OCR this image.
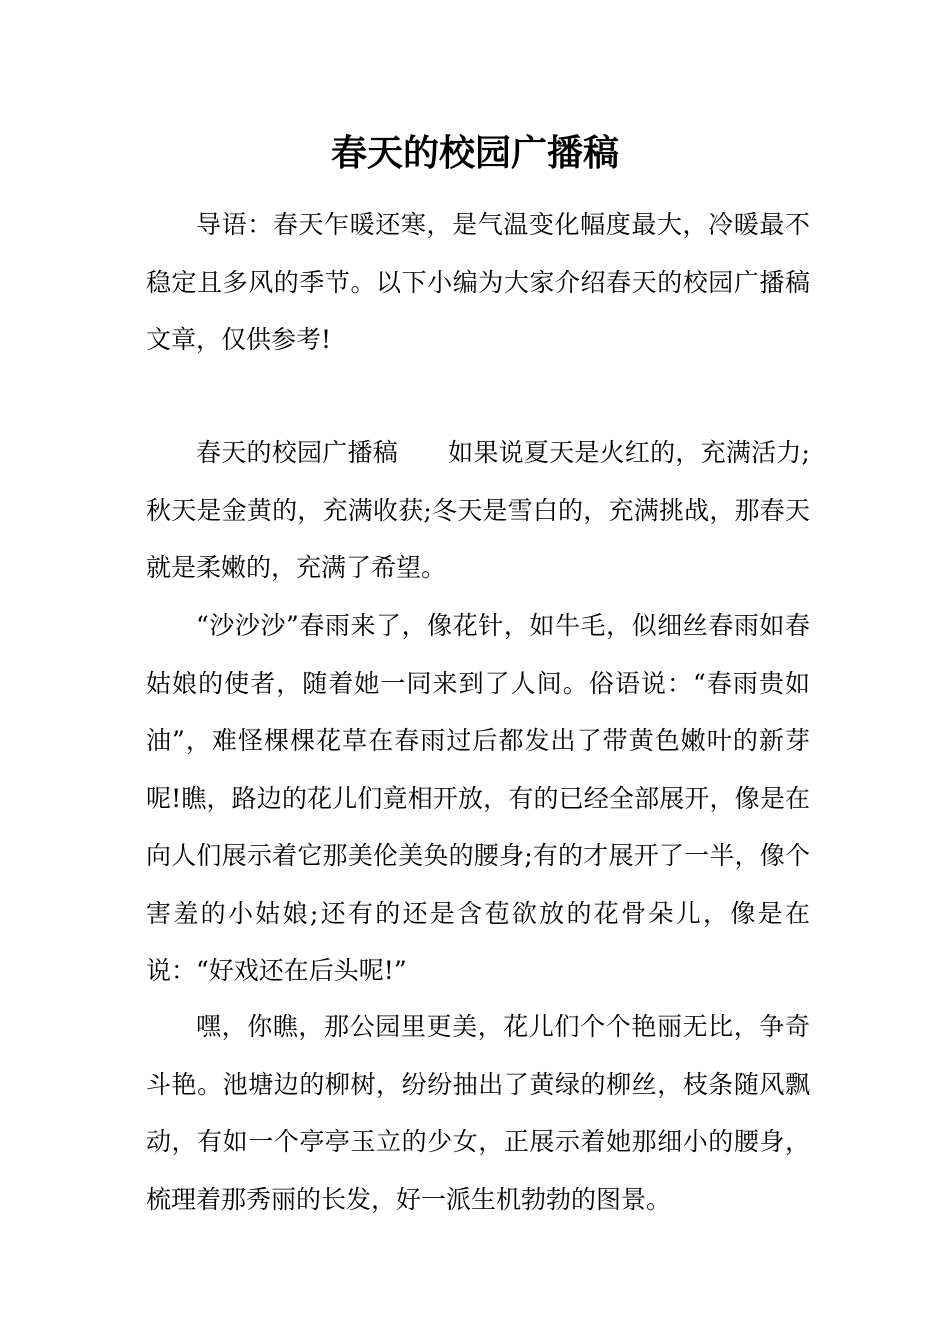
春天的校园广播稿

导语：春天乍暖还寒，是气温变化幅度最大，冷暖最不稳定且多风的季节。以下小编为大家介绍春天的校园广播稿文章，仅供参考!

春天的校园广播稿 如果说夏天是火红的，充满活力;秋天是金黄的，充满收获;冬天是雪白的，充满挑战，那春天就是柔嫩的，充满了希望。

“沙沙沙”春雨来了，像花针，如牛毛，似细丝春雨如春姑娘的使者，随着她一同来到了人间。俗语说：“春雨贵如油”，难怪棵棵花草在春雨过后都发出了带黄色嫩叶的新芽呢!瞧，路边的花儿们竟相开放，有的已经全部展开，像是在向人们展示着它那美伦美奂的腰身;有的才展开了一半，像个害羞的小姑娘;还有的还是含苞欲放的花骨朵儿，像是在说：“好戏还在后头呢!”

嘿，你瞧，那公园里更美，花儿们个个艳丽无比，争奇斗艳。池塘边的柳树，纷纷抽出了黄绿的柳丝，枝条随风飘动，有如一个亭亭玉立的少女，正展示着她那细小的腰身，梳理着那秀丽的长发，好一派生机勃勃的图景。
